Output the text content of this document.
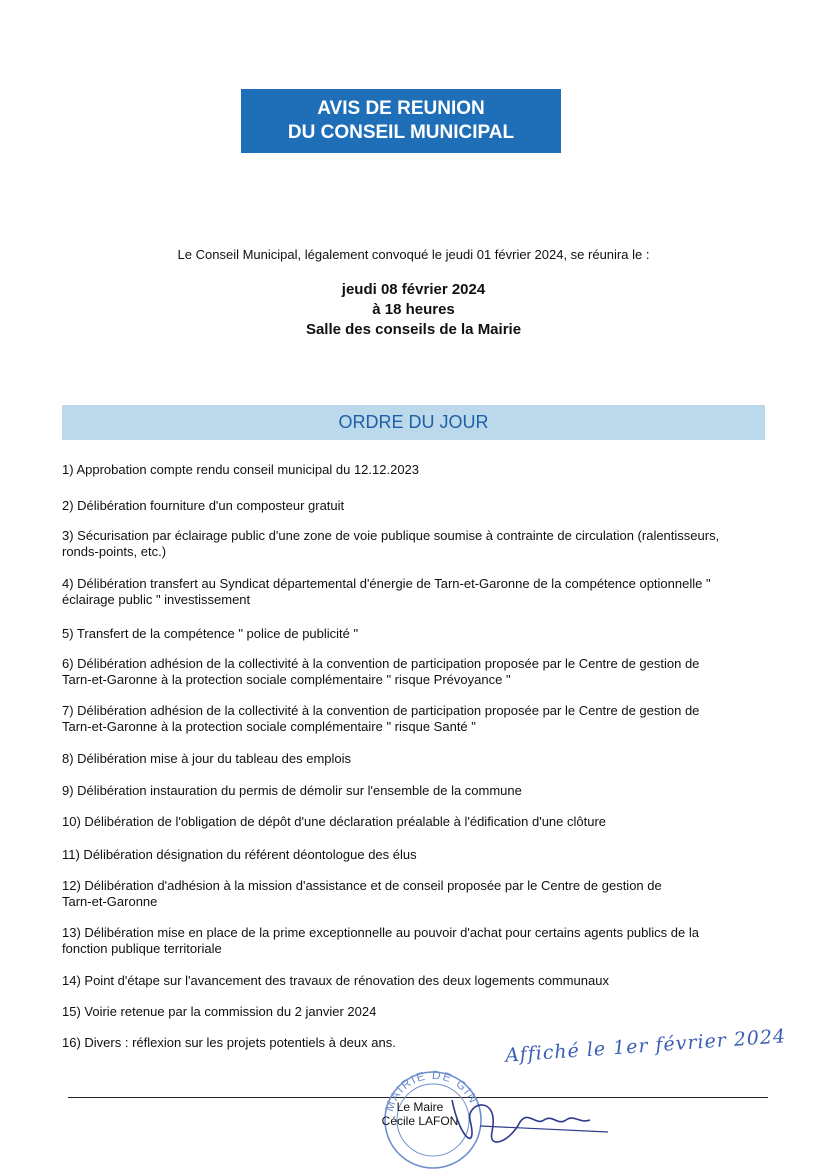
AVIS DE REUNION
DU CONSEIL MUNICIPAL
Le Conseil Municipal, légalement convoqué le jeudi 01 février 2024, se réunira le :
jeudi 08 février 2024
à 18 heures
Salle des conseils de la Mairie
ORDRE DU JOUR
1) Approbation compte rendu conseil municipal du 12.12.2023
2) Délibération fourniture d'un composteur gratuit
3) Sécurisation par éclairage public d'une zone de voie publique soumise à contrainte de circulation (ralentisseurs,
ronds-points, etc.)
4) Délibération transfert au Syndicat départemental d'énergie de Tarn-et-Garonne de la compétence optionnelle "
éclairage public " investissement
5) Transfert de la compétence " police de publicité "
6) Délibération adhésion de la collectivité à la convention de participation proposée par le Centre de gestion de
Tarn-et-Garonne à la protection sociale complémentaire " risque Prévoyance "
7) Délibération adhésion de la collectivité à la convention de participation proposée par le Centre de gestion de
Tarn-et-Garonne à la protection sociale complémentaire " risque Santé "
8) Délibération mise à jour du tableau des emplois
9) Délibération instauration du permis de démolir sur l'ensemble de la commune
10) Délibération de l'obligation de dépôt d'une déclaration préalable à l'édification d'une clôture
11) Délibération désignation du référent déontologue des élus
12) Délibération d'adhésion à la mission d'assistance et de conseil proposée par le Centre de gestion de
Tarn-et-Garonne
13) Délibération mise en place de la prime exceptionnelle au pouvoir d'achat pour certains agents publics de la
fonction publique territoriale
14) Point d'étape sur l'avancement des travaux de rénovation des deux logements communaux
15) Voirie retenue par la commission du 2 janvier 2024
16) Divers : réflexion sur les projets potentiels à deux ans.	Affiché le 1er février 2024
MAIRIE DE GIN
Le Maire
Cécile LAFON
